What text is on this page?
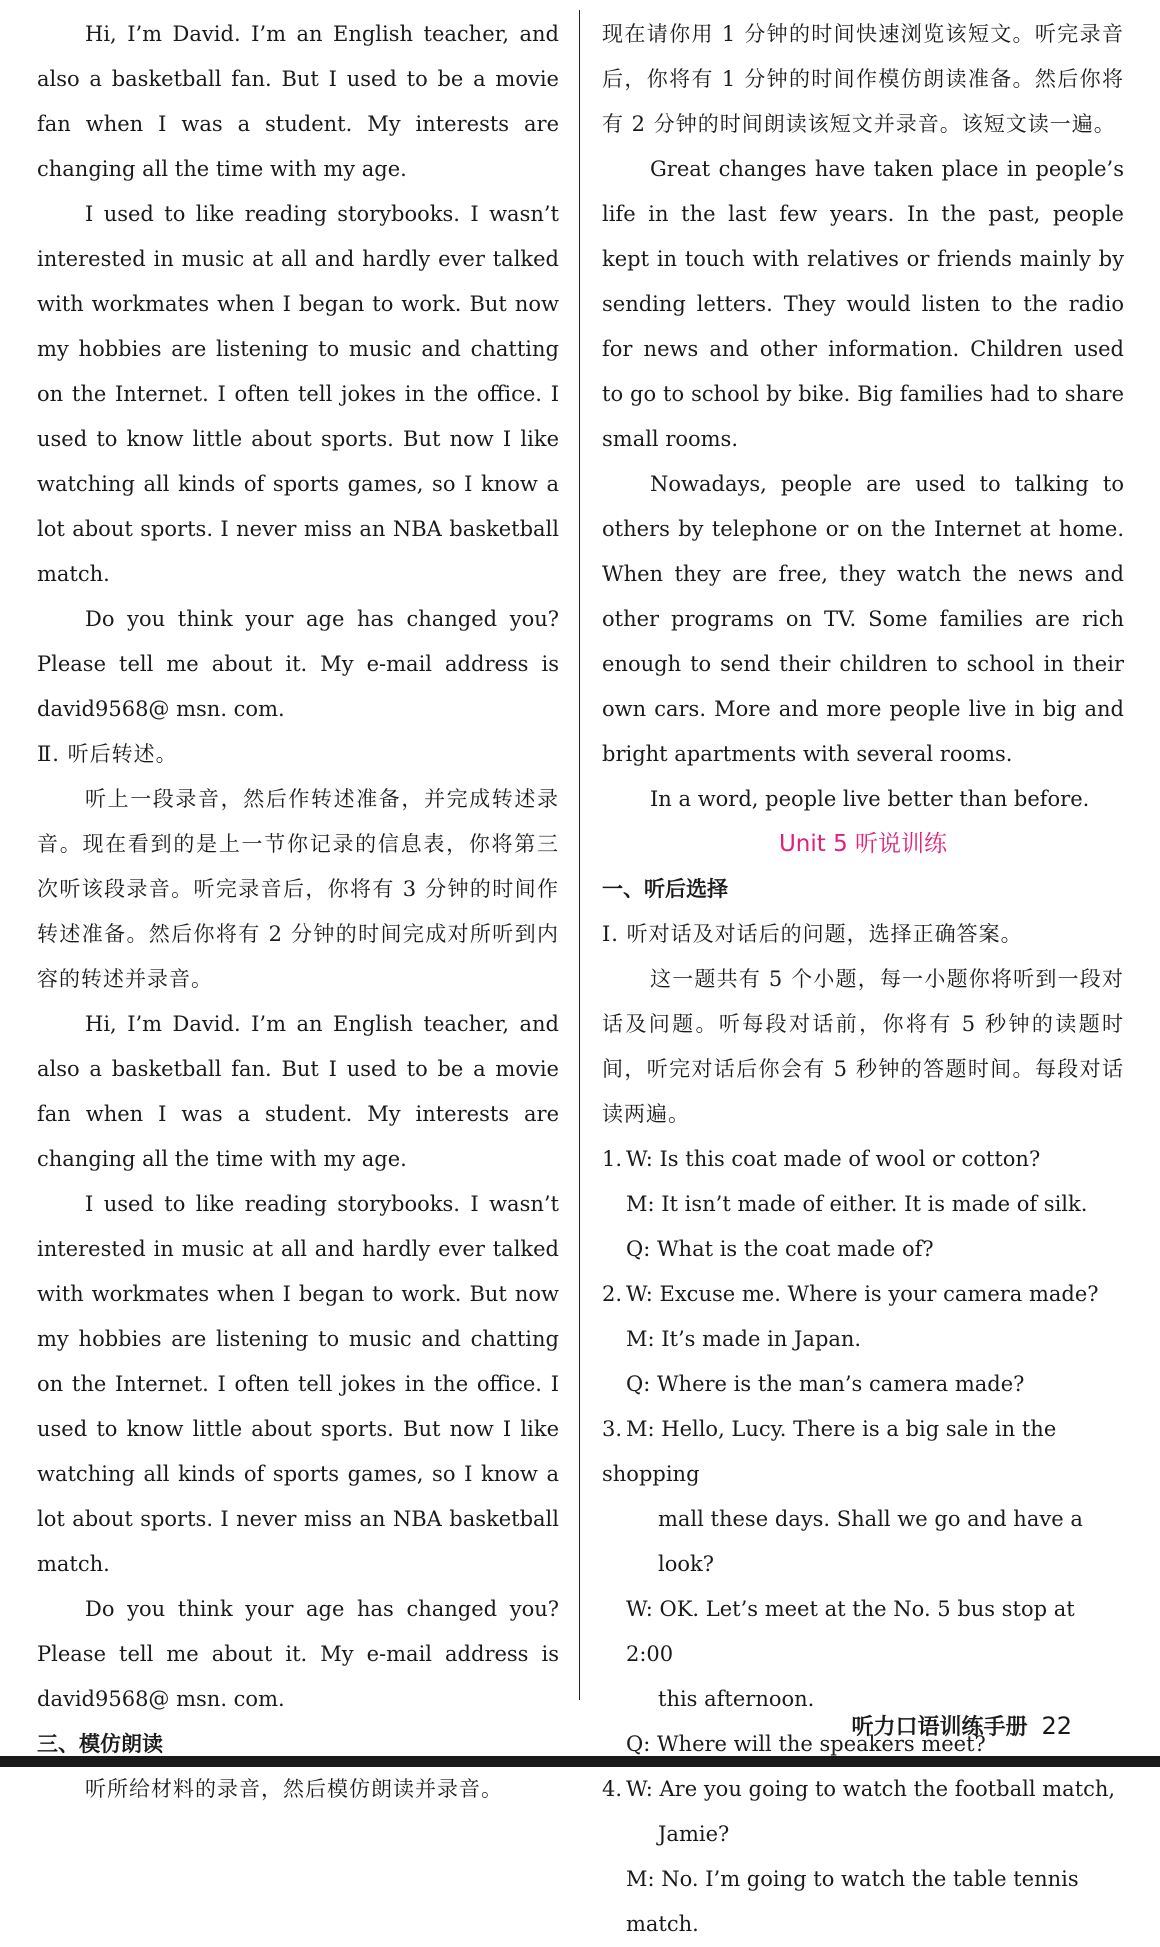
Hi, I’m David. I’m an English teacher, and also a basketball fan. But I used to be a movie fan when I was a student. My interests are changing all the time with my age.

I used to like reading storybooks. I wasn’t interested in music at all and hardly ever talked with workmates when I began to work. But now my hobbies are listening to music and chatting on the Internet. I often tell jokes in the office. I used to know little about sports. But now I like watching all kinds of sports games, so I know a lot about sports. I never miss an NBA basketball match.

Do you think your age has changed you? Please tell me about it. My e-mail address is david9568@ msn. com.

Ⅱ. 听后转述。

听上一段录音，然后作转述准备，并完成转述录音。现在看到的是上一节你记录的信息表，你将第三次听该段录音。听完录音后，你将有 3 分钟的时间作转述准备。然后你将有 2 分钟的时间完成对所听到内容的转述并录音。

Hi, I’m David. I’m an English teacher, and also a basketball fan. But I used to be a movie fan when I was a student. My interests are changing all the time with my age.

I used to like reading storybooks. I wasn’t interested in music at all and hardly ever talked with workmates when I began to work. But now my hobbies are listening to music and chatting on the Internet. I often tell jokes in the office. I used to know little about sports. But now I like watching all kinds of sports games, so I know a lot about sports. I never miss an NBA basketball match.

Do you think your age has changed you? Please tell me about it. My e-mail address is david9568@ msn. com.

三、模仿朗读

听所给材料的录音，然后模仿朗读并录音。

现在请你用 1 分钟的时间快速浏览该短文。听完录音后，你将有 1 分钟的时间作模仿朗读准备。然后你将有 2 分钟的时间朗读该短文并录音。该短文读一遍。

Great changes have taken place in people’s life in the last few years. In the past, people kept in touch with relatives or friends mainly by sending letters. They would listen to the radio for news and other information. Children used to go to school by bike. Big families had to share small rooms.

Nowadays, people are used to talking to others by telephone or on the Internet at home. When they are free, they watch the news and other programs on TV. Some families are rich enough to send their children to school in their own cars. More and more people live in big and bright apartments with several rooms.

In a word, people live better than before.

Unit 5 听说训练

一、听后选择

Ⅰ. 听对话及对话后的问题，选择正确答案。

这一题共有 5 个小题，每一小题你将听到一段对话及问题。听每段对话前，你将有 5 秒钟的读题时间，听完对话后你会有 5 秒钟的答题时间。每段对话读两遍。

1. W: Is this coat made of wool or cotton?

M: It isn’t made of either. It is made of silk.

Q: What is the coat made of?

2. W: Excuse me. Where is your camera made?

M: It’s made in Japan.

Q: Where is the man’s camera made?

3. M: Hello, Lucy. There is a big sale in the shopping

mall these days. Shall we go and have a look?

W: OK. Let’s meet at the No. 5 bus stop at 2:00

this afternoon.

Q: Where will the speakers meet?

4. W: Are you going to watch the football match,

Jamie?

M: No. I’m going to watch the table tennis match.

听力口语训练手册 22
